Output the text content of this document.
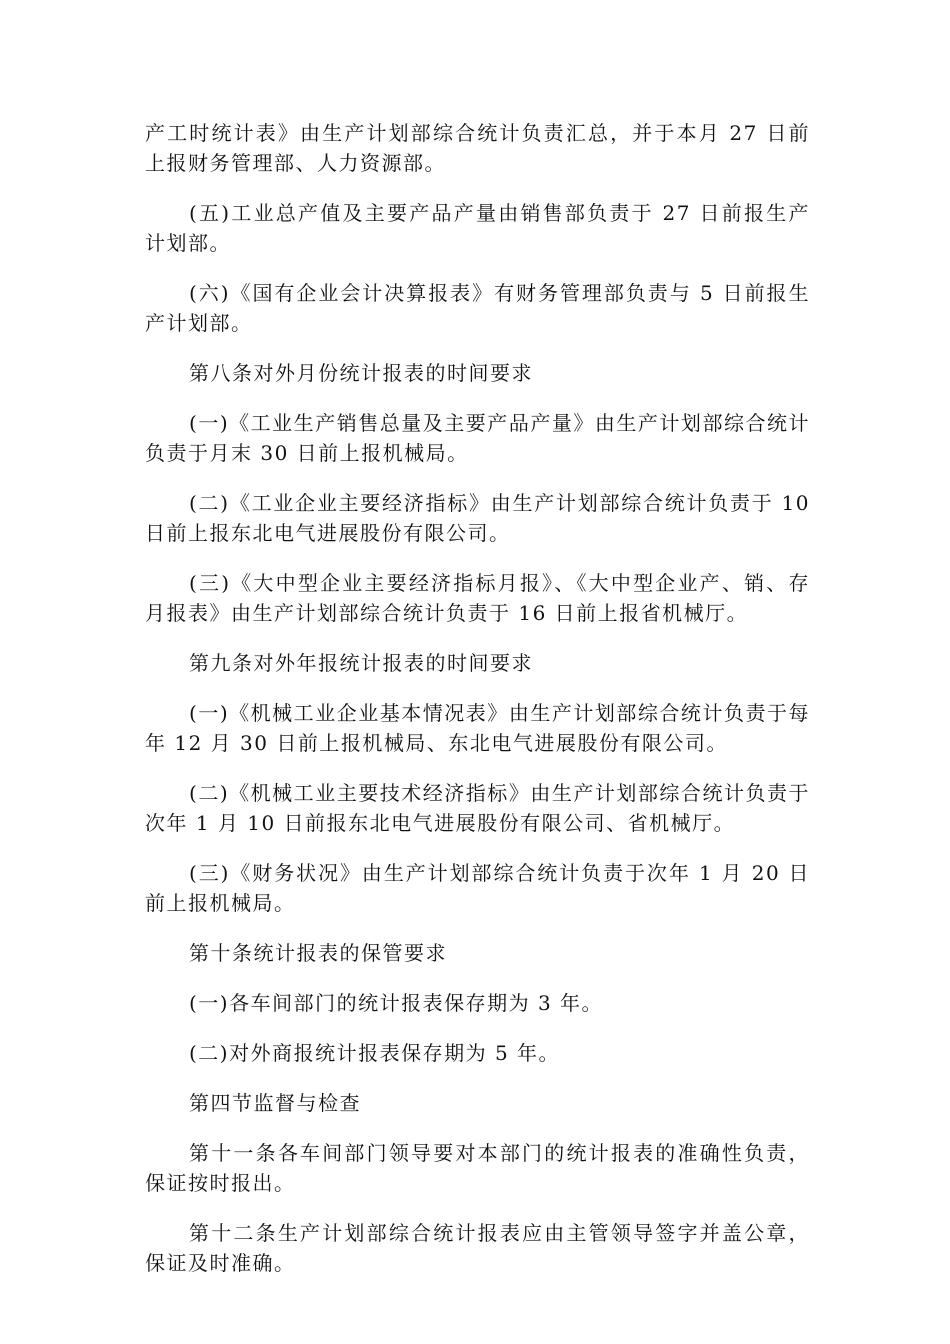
产工时统计表》由生产计划部综合统计负责汇总，并于本月 27 日前上报财务管理部、人力资源部。

(五)工业总产值及主要产品产量由销售部负责于 27 日前报生产计划部。

(六)《国有企业会计决算报表》有财务管理部负责与 5 日前报生产计划部。

第八条对外月份统计报表的时间要求

(一)《工业生产销售总量及主要产品产量》由生产计划部综合统计负责于月末 30 日前上报机械局。

(二)《工业企业主要经济指标》由生产计划部综合统计负责于 10 日前上报东北电气进展股份有限公司。

(三)《大中型企业主要经济指标月报》、《大中型企业产、销、存月报表》由生产计划部综合统计负责于 16 日前上报省机械厅。

第九条对外年报统计报表的时间要求

(一)《机械工业企业基本情况表》由生产计划部综合统计负责于每年 12 月 30 日前上报机械局、东北电气进展股份有限公司。

(二)《机械工业主要技术经济指标》由生产计划部综合统计负责于次年 1 月 10 日前报东北电气进展股份有限公司、省机械厅。

(三)《财务状况》由生产计划部综合统计负责于次年 1 月 20 日前上报机械局。

第十条统计报表的保管要求

(一)各车间部门的统计报表保存期为 3 年。

(二)对外商报统计报表保存期为 5 年。

第四节监督与检查

第十一条各车间部门领导要对本部门的统计报表的准确性负责，保证按时报出。

第十二条生产计划部综合统计报表应由主管领导签字并盖公章，保证及时准确。
